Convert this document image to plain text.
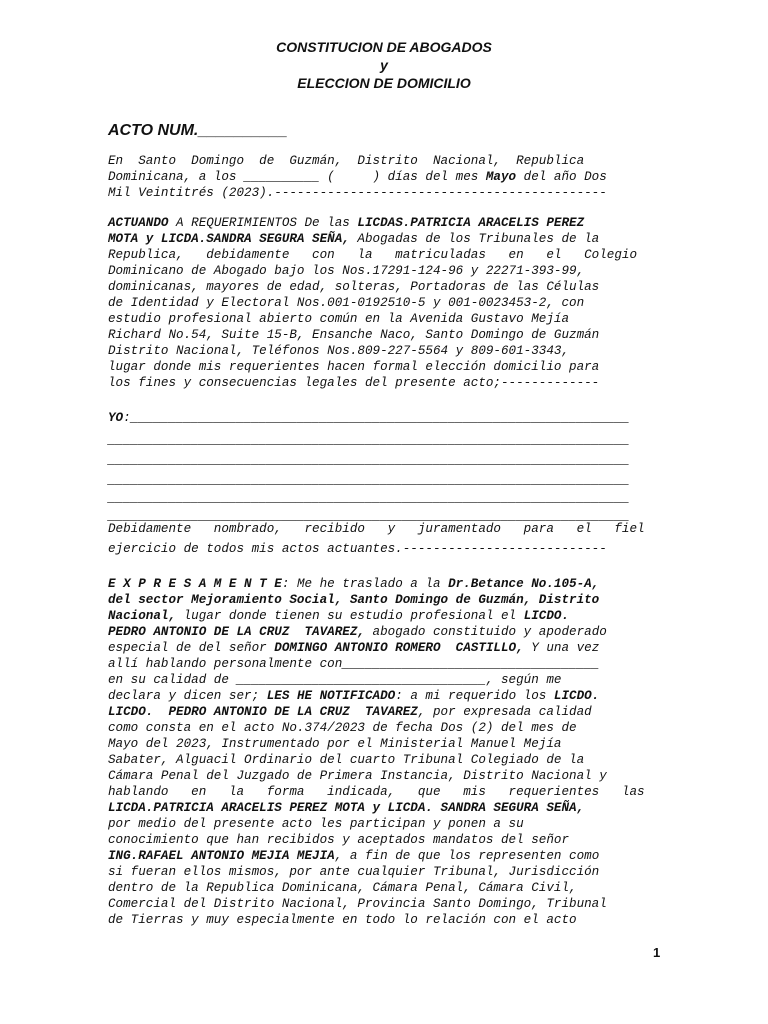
CONSTITUCION DE ABOGADOS
y
ELECCION DE DOMICILIO
ACTO NUM.__________
En  Santo  Domingo  de  Guzmán,  Distrito  Nacional,  Republica
Dominicana, a los __________ (     ) días del mes Mayo del año Dos
Mil Veintitrés (2023).--------------------------------------------
ACTUANDO A REQUERIMIENTOS De las LICDAS.PATRICIA ARACELIS PEREZ
MOTA y LICDA.SANDRA SEGURA SEÑA, Abogadas de los Tribunales de la
Republica,   debidamente   con   la   matriculadas   en   el   Colegio
Dominicano de Abogado bajo los Nos.17291-124-96 y 22271-393-99,
dominicanas, mayores de edad, solteras, Portadoras de las Células
de Identidad y Electoral Nos.001-0192510-5 y 001-0023453-2, con
estudio profesional abierto común en la Avenida Gustavo Mejía
Richard No.54, Suite 15-B, Ensanche Naco, Santo Domingo de Guzmán
Distrito Nacional, Teléfonos Nos.809-227-5564 y 809-601-3343,
lugar donde mis requerientes hacen formal elección domicilio para
los fines y consecuencias legales del presente acto;-------------
YO:__________________________________________________________________
_____________________________________________________________________
_____________________________________________________________________
_____________________________________________________________________
_____________________________________________________________________
_____________________________________________________________________
Debidamente   nombrado,   recibido   y   juramentado   para   el   fiel
ejercicio de todos mis actos actuantes.---------------------------
E X P R E S A M E N T E: Me he traslado a la Dr.Betance No.105-A,
del sector Mejoramiento Social, Santo Domingo de Guzmán, Distrito
Nacional, lugar donde tienen su estudio profesional el LICDO.
PEDRO ANTONIO DE LA CRUZ  TAVAREZ, abogado constituido y apoderado
especial de del señor DOMINGO ANTONIO ROMERO  CASTILLO, Y una vez
allí hablando personalmente con__________________________________
en su calidad de _________________________________, según me
declara y dicen ser; LES HE NOTIFICADO: a mi requerido los LICDO.
LICDO.  PEDRO ANTONIO DE LA CRUZ  TAVAREZ, por expresada calidad
como consta en el acto No.374/2023 de fecha Dos (2) del mes de
Mayo del 2023, Instrumentado por el Ministerial Manuel Mejía
Sabater, Alguacil Ordinario del cuarto Tribunal Colegiado de la
Cámara Penal del Juzgado de Primera Instancia, Distrito Nacional y
hablando   en   la   forma   indicada,   que   mis   requerientes   las
LICDA.PATRICIA ARACELIS PEREZ MOTA y LICDA. SANDRA SEGURA SEÑA,
por medio del presente acto les participan y ponen a su
conocimiento que han recibidos y aceptados mandatos del señor
ING.RAFAEL ANTONIO MEJIA MEJIA, a fin de que los representen como
si fueran ellos mismos, por ante cualquier Tribunal, Jurisdicción
dentro de la Republica Dominicana, Cámara Penal, Cámara Civil,
Comercial del Distrito Nacional, Provincia Santo Domingo, Tribunal
de Tierras y muy especialmente en todo lo relación con el acto
1
